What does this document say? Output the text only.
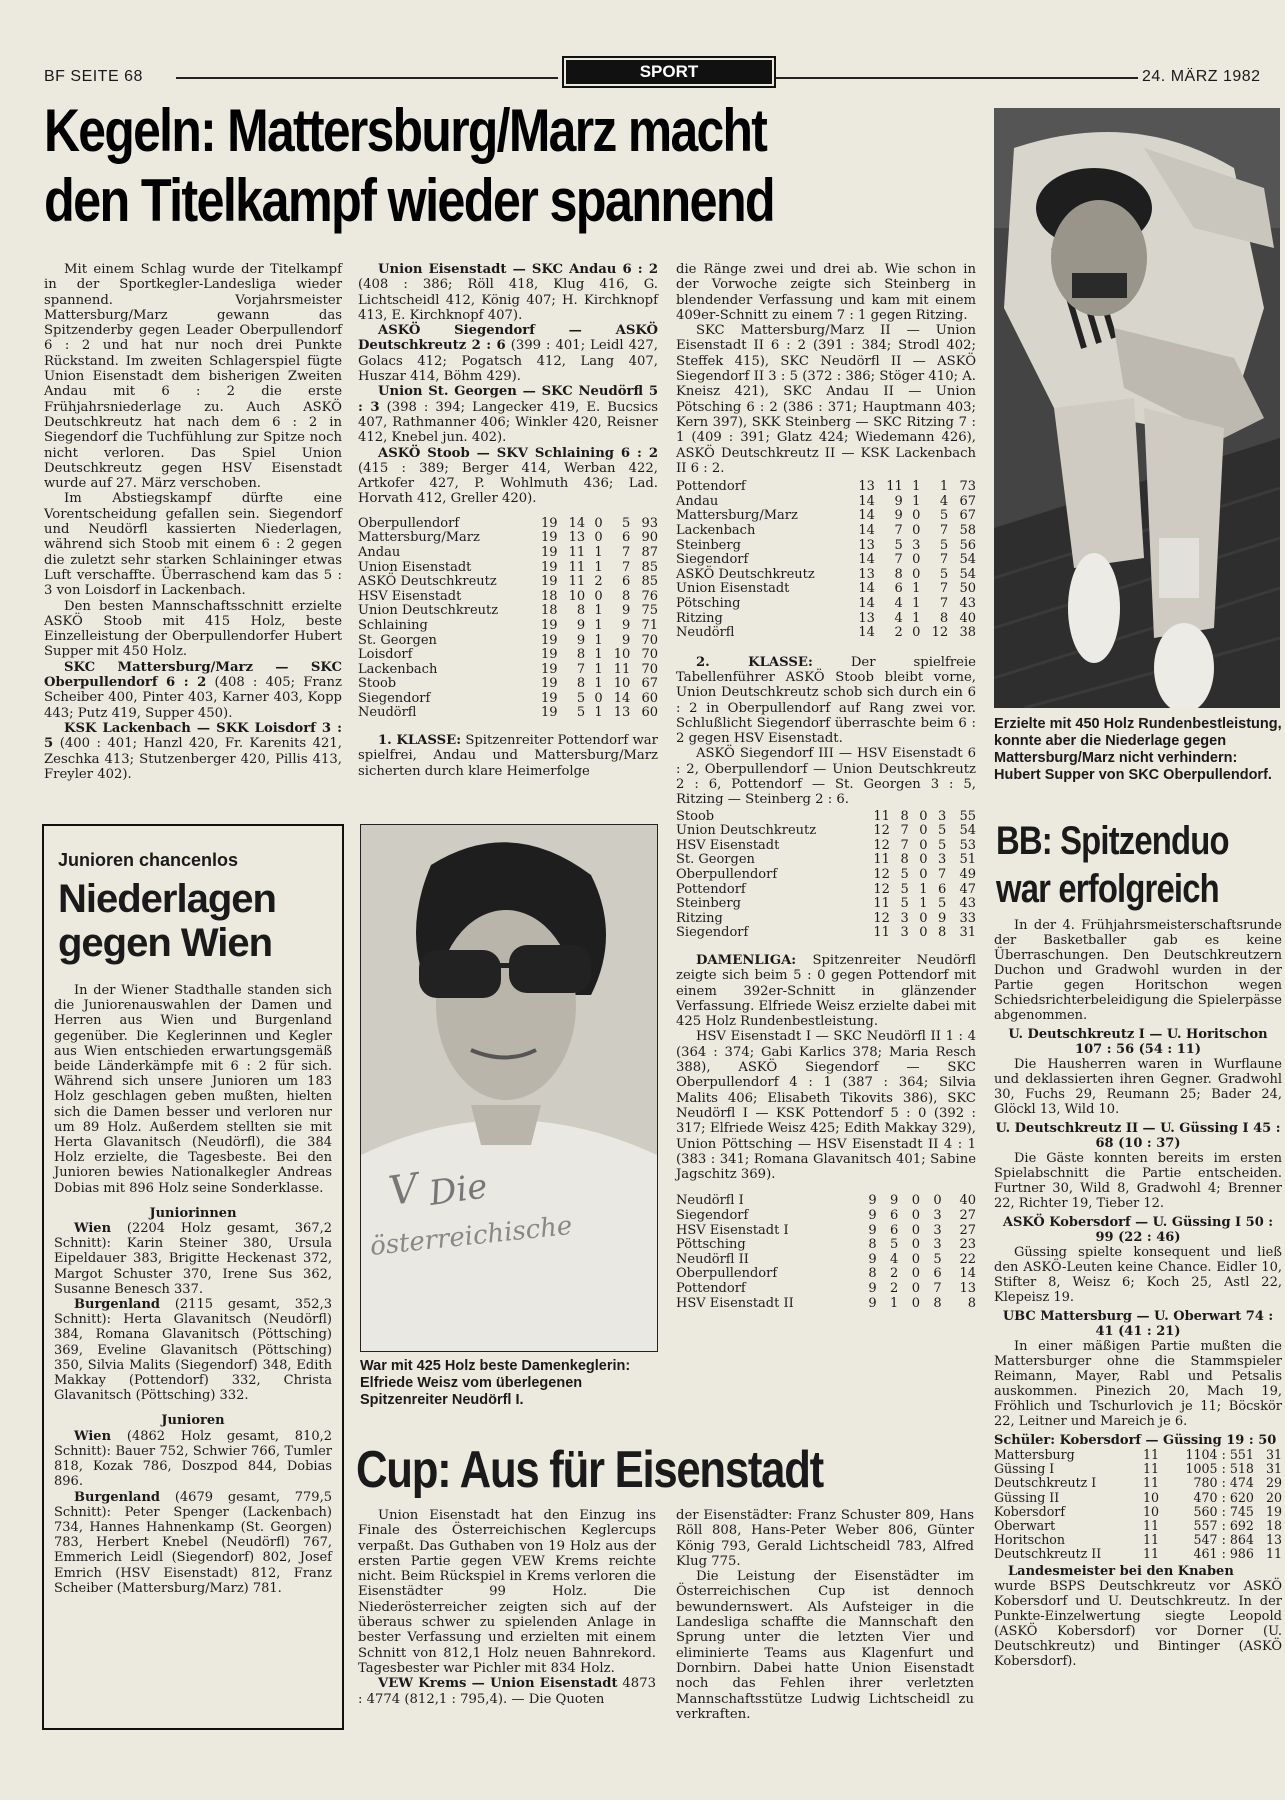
BF SEITE 68	SPORT	24. MÄRZ 1982
Kegeln: Mattersburg/Marz macht
den Titelkampf wieder spannend
Erzielte mit 450 Holz Rundenbestleistung, konnte aber die Niederlage gegen Mattersburg/Marz nicht verhindern: Hubert Supper von SKC Oberpullendorf.

Mit einem Schlag wurde der Titelkampf in der Sportkegler-Landesliga wieder spannend. Vorjahrsmeister Mattersburg/Marz gewann das Spitzenderby gegen Leader Oberpullendorf 6 : 2 und hat nur noch drei Punkte Rückstand. Im zweiten Schlagerspiel fügte Union Eisenstadt dem bisherigen Zweiten Andau mit 6 : 2 die erste Frühjahrsniederlage zu. Auch ASKÖ Deutschkreutz hat nach dem 6 : 2 in Siegendorf die Tuchfühlung zur Spitze noch nicht verloren. Das Spiel Union Deutschkreutz gegen HSV Eisenstadt wurde auf 27. März verschoben.

Im Abstiegskampf dürfte eine Vorentscheidung gefallen sein. Siegendorf und Neudörfl kassierten Niederlagen, während sich Stoob mit einem 6 : 2 gegen die zuletzt sehr starken Schlaininger etwas Luft verschaffte. Überraschend kam das 5 : 3 von Loisdorf in Lackenbach.

Den besten Mannschaftsschnitt erzielte ASKÖ Stoob mit 415 Holz, beste Einzelleistung der Oberpullendorfer Hubert Supper mit 450 Holz.

SKC Mattersburg/Marz — SKC Oberpullendorf 6 : 2 (408 : 405; Franz Scheiber 400, Pinter 403, Karner 403, Kopp 443; Putz 419, Supper 450).

KSK Lackenbach — SKK Loisdorf 3 : 5 (400 : 401; Hanzl 420, Fr. Karenits 421, Zeschka 413; Stutzenberger 420, Pillis 413, Freyler 402).

Union Eisenstadt — SKC Andau 6 : 2 (408 : 386; Röll 418, Klug 416, G. Lichtscheidl 412, König 407; H. Kirchknopf 413, E. Kirchknopf 407).

ASKÖ Siegendorf — ASKÖ Deutschkreutz 2 : 6 (399 : 401; Leidl 427, Golacs 412; Pogatsch 412, Lang 407, Huszar 414, Böhm 429).

Union St. Georgen — SKC Neudörfl 5 : 3 (398 : 394; Langecker 419, E. Bucsics 407, Rathmanner 406; Winkler 420, Reisner 412, Knebel jun. 402).

ASKÖ Stoob — SKV Schlaining 6 : 2 (415 : 389; Berger 414, Werban 422, Artkofer 427, P. Wohlmuth 436; Lad. Horvath 412, Greller 420).

Oberpullendorf	19	14	0	5	93
Mattersburg/Marz	19	13	0	6	90
Andau	19	11	1	7	87
Union Eisenstadt	19	11	1	7	85
ASKÖ Deutschkreutz	19	11	2	6	85
HSV Eisenstadt	18	10	0	8	76
Union Deutschkreutz	18	8	1	9	75
Schlaining	19	9	1	9	71
St. Georgen	19	9	1	9	70
Loisdorf	19	8	1	10	70
Lackenbach	19	7	1	11	70
Stoob	19	8	1	10	67
Siegendorf	19	5	0	14	60
Neudörfl	19	5	1	13	60

1. KLASSE: Spitzenreiter Pottendorf war spielfrei, Andau und Mattersburg/Marz sicherten durch klare Heimerfolge

die Ränge zwei und drei ab. Wie schon in der Vorwoche zeigte sich Steinberg in blendender Verfassung und kam mit einem 409er-Schnitt zu einem 7 : 1 gegen Ritzing.

SKC Mattersburg/Marz II — Union Eisenstadt II 6 : 2 (391 : 384; Strodl 402; Steffek 415), SKC Neudörfl II — ASKÖ Siegendorf II 3 : 5 (372 : 386; Stöger 410; A. Kneisz 421), SKC Andau II — Union Pötsching 6 : 2 (386 : 371; Hauptmann 403; Kern 397), SKK Steinberg — SKC Ritzing 7 : 1 (409 : 391; Glatz 424; Wiedemann 426), ASKÖ Deutschkreutz II — KSK Lackenbach II 6 : 2.

Pottendorf	13	11	1	1	73
Andau	14	9	1	4	67
Mattersburg/Marz	14	9	0	5	67
Lackenbach	14	7	0	7	58
Steinberg	13	5	3	5	56
Siegendorf	14	7	0	7	54
ASKÖ Deutschkreutz	13	8	0	5	54
Union Eisenstadt	14	6	1	7	50
Pötsching	14	4	1	7	43
Ritzing	13	4	1	8	40
Neudörfl	14	2	0	12	38

2. KLASSE:	Der spielfreie Tabellenführer ASKÖ Stoob bleibt vorne, Union Deutschkreutz schob sich durch ein 6 : 2 in Oberpullendorf auf Rang zwei vor. Schlußlicht Siegendorf überraschte beim 6 : 2 gegen HSV Eisenstadt.

ASKÖ Siegendorf III — HSV Eisenstadt 6 : 2, Oberpullendorf — Union Deutschkreutz 2 : 6, Pottendorf — St. Georgen 3 : 5, Ritzing — Steinberg 2 : 6.

Stoob	11	8	0	3	55
Union Deutschkreutz	12	7	0	5	54
HSV Eisenstadt	12	7	0	5	53
St. Georgen	11	8	0	3	51
Oberpullendorf	12	5	0	7	49
Pottendorf	12	5	1	6	47
Steinberg	11	5	1	5	43
Ritzing	12	3	0	9	33
Siegendorf	11	3	0	8	31

DAMENLIGA: Spitzenreiter Neudörfl zeigte sich beim 5 : 0 gegen Pottendorf mit einem 392er-Schnitt in glänzender Verfassung. Elfriede Weisz erzielte dabei mit 425 Holz Rundenbestleistung.

HSV Eisenstadt I — SKC Neudörfl II 1 : 4 (364 : 374; Gabi Karlics 378; Maria Resch 388), ASKÖ Siegendorf — SKC Oberpullendorf 4 : 1 (387 : 364; Silvia Malits 406; Elisabeth Tikovits 386), SKC Neudörfl I — KSK Pottendorf 5 : 0 (392 : 317; Elfriede Weisz 425; Edith Makkay 329), Union Pöttsching — HSV Eisenstadt II 4 : 1 (383 : 341; Romana Glavanitsch 401; Sabine Jagschitz 369).

Neudörfl I	9	9	0	0	40
Siegendorf	9	6	0	3	27
HSV Eisenstadt I	9	6	0	3	27
Pöttsching	8	5	0	3	23
Neudörfl II	9	4	0	5	22
Oberpullendorf	8	2	0	6	14
Pottendorf	9	2	0	7	13
HSV Eisenstadt II	9	1	0	8	8
Junioren chancenlos
Niederlagen
gegen Wien

In der Wiener Stadthalle standen sich die Juniorenauswahlen der Damen und Herren aus Wien und Burgenland gegenüber. Die Keglerinnen und Kegler aus Wien entschieden erwartungsgemäß beide Länderkämpfe mit 6 : 2 für sich. Während sich unsere Junioren um 183 Holz geschlagen geben mußten, hielten sich die Damen besser und verloren nur um 89 Holz. Außerdem stellten sie mit Herta Glavanitsch (Neudörfl), die 384 Holz erzielte, die Tagesbeste. Bei den Junioren bewies Nationalkegler Andreas Dobias mit 896 Holz seine Sonderklasse.

Juniorinnen

Wien (2204 Holz gesamt, 367,2 Schnitt): Karin Steiner 380, Ursula Eipeldauer 383, Brigitte Heckenast 372, Margot Schuster 370, Irene Sus 362, Susanne Benesch 337.

Burgenland (2115 gesamt, 352,3 Schnitt): Herta Glavanitsch (Neudörfl) 384, Romana Glavanitsch (Pöttsching) 369, Eveline Glavanitsch (Pöttsching) 350, Silvia Malits (Siegendorf) 348, Edith Makkay (Pottendorf) 332, Christa Glavanitsch (Pöttsching) 332.

Junioren

Wien (4862 Holz gesamt, 810,2 Schnitt): Bauer 752, Schwier 766, Tumler 818, Kozak 786, Doszpod 844, Dobias 896.

Burgenland (4679 gesamt, 779,5 Schnitt): Peter Spenger (Lackenbach) 734, Hannes Hahnenkamp (St. Georgen) 783, Herbert Knebel (Neudörfl) 767, Emmerich Leidl (Siegendorf) 802, Josef Emrich (HSV Eisenstadt) 812, Franz Scheiber (Mattersburg/Marz) 781.

V Die
österreichische
War mit 425 Holz beste Damenkeglerin: Elfriede Weisz vom überlegenen Spitzenreiter Neudörfl I.
Cup: Aus für Eisenstadt

Union Eisenstadt hat den Einzug ins Finale des Österreichischen Keglercups verpaßt. Das Guthaben von 19 Holz aus der ersten Partie gegen VEW Krems reichte nicht. Beim Rückspiel in Krems verloren die Eisenstädter 99 Holz. Die Niederösterreicher zeigten sich auf der überaus schwer zu spielenden Anlage in bester Verfassung und erzielten mit einem Schnitt von 812,1 Holz neuen Bahnrekord. Tagesbester war Pichler mit 834 Holz.

VEW Krems — Union Eisenstadt 4873 : 4774 (812,1 : 795,4). — Die Quoten

der Eisenstädter: Franz Schuster 809, Hans Röll 808, Hans-Peter Weber 806, Günter König 793, Gerald Lichtscheidl 783, Alfred Klug 775.

Die Leistung der Eisenstädter im Österreichischen Cup ist dennoch bewundernswert. Als Aufsteiger in die Landesliga schaffte die Mannschaft den Sprung unter die letzten Vier und eliminierte Teams aus Klagenfurt und Dornbirn. Dabei hatte Union Eisenstadt noch das Fehlen ihrer verletzten Mannschaftsstütze Ludwig Lichtscheidl zu verkraften.

BB: Spitzenduo
war erfolgreich

In der 4. Frühjahrsmeisterschaftsrunde der Basketballer gab es keine Überraschungen. Den Deutschkreutzern Duchon und Gradwohl wurden in der Partie gegen Horitschon wegen Schiedsrichterbeleidigung die Spielerpässe abgenommen.

U. Deutschkreutz I — U. Horitschon 107 : 56 (54 : 11)

Die Hausherren waren in Wurflaune und deklassierten ihren Gegner. Gradwohl 30, Fuchs 29, Reumann 25; Bader 24, Glöckl 13, Wild 10.

U. Deutschkreutz II — U. Güssing I 45 : 68 (10 : 37)

Die Gäste konnten bereits im ersten Spielabschnitt die Partie entscheiden. Furtner 30, Wild 8, Gradwohl 4; Brenner 22, Richter 19, Tieber 12.

ASKÖ Kobersdorf — U. Güssing I 50 : 99 (22 : 46)

Güssing spielte konsequent und ließ den ASKÖ-Leuten keine Chance. Eidler 10, Stifter 8, Weisz 6; Koch 25, Astl 22, Klepeisz 19.

UBC Mattersburg — U. Oberwart 74 : 41 (41 : 21)

In einer mäßigen Partie mußten die Mattersburger ohne die Stammspieler Reimann, Mayer, Rabl und Petsalis auskommen. Pinezich 20, Mach 19, Fröhlich und Tschurlovich je 11; Böcskör 22, Leitner und Mareich je 6.

Schüler: Kobersdorf — Güssing 19 : 50
Mattersburg	11	1104 : 551	31
Güssing I	11	1005 : 518	31
Deutschkreutz I	11	780 : 474	29
Güssing II	10	470 : 620	20
Kobersdorf	10	560 : 745	19
Oberwart	11	557 : 692	18
Horitschon	11	547 : 864	13
Deutschkreutz II	11	461 : 986	11
Landesmeister bei den Knaben

wurde BSPS Deutschkreutz vor ASKÖ Kobersdorf und U. Deutschkreutz. In der Punkte-Einzelwertung siegte Leopold (ASKÖ Kobersdorf) vor Dorner (U. Deutschkreutz) und Bintinger (ASKÖ Kobersdorf).
